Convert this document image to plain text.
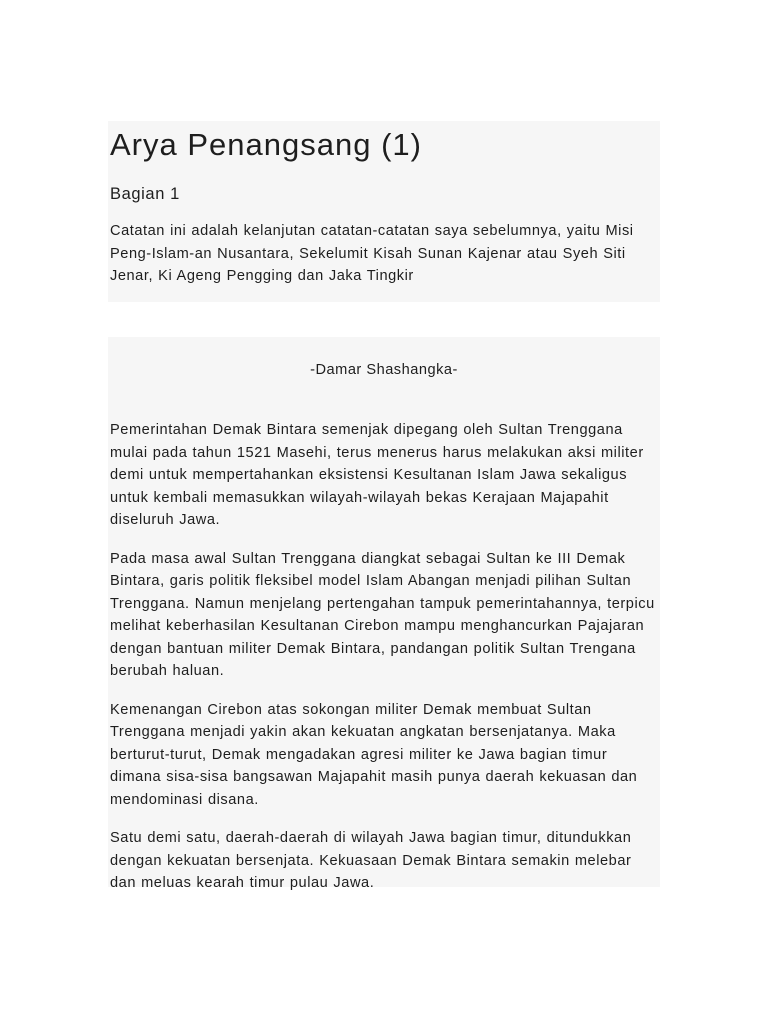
Arya Penangsang (1)

Bagian 1

Catatan ini adalah kelanjutan catatan-catatan saya sebelumnya, yaitu Misi Peng-Islam-an Nusantara, Sekelumit Kisah Sunan Kajenar atau Syeh Siti Jenar, Ki Ageng Pengging dan Jaka Tingkir

-Damar Shashangka-

Pemerintahan Demak Bintara semenjak dipegang oleh Sultan Trenggana mulai pada tahun 1521 Masehi, terus menerus harus melakukan aksi militer demi untuk mempertahankan eksistensi Kesultanan Islam Jawa sekaligus untuk kembali memasukkan wilayah-wilayah bekas Kerajaan Majapahit diseluruh Jawa.

Pada masa awal Sultan Trenggana diangkat sebagai Sultan ke III Demak Bintara, garis politik fleksibel model Islam Abangan menjadi pilihan Sultan Trenggana. Namun menjelang pertengahan tampuk pemerintahannya, terpicu melihat keberhasilan Kesultanan Cirebon mampu menghancurkan Pajajaran dengan bantuan militer Demak Bintara, pandangan politik Sultan Trengana berubah haluan.

Kemenangan Cirebon atas sokongan militer Demak membuat Sultan Trenggana menjadi yakin akan kekuatan angkatan bersenjatanya. Maka berturut-turut, Demak mengadakan agresi militer ke Jawa bagian timur dimana sisa-sisa bangsawan Majapahit masih punya daerah kekuasan dan mendominasi disana.

Satu demi satu, daerah-daerah di wilayah Jawa bagian timur, ditundukkan dengan kekuatan bersenjata. Kekuasaan Demak Bintara semakin melebar dan meluas kearah timur pulau Jawa.
